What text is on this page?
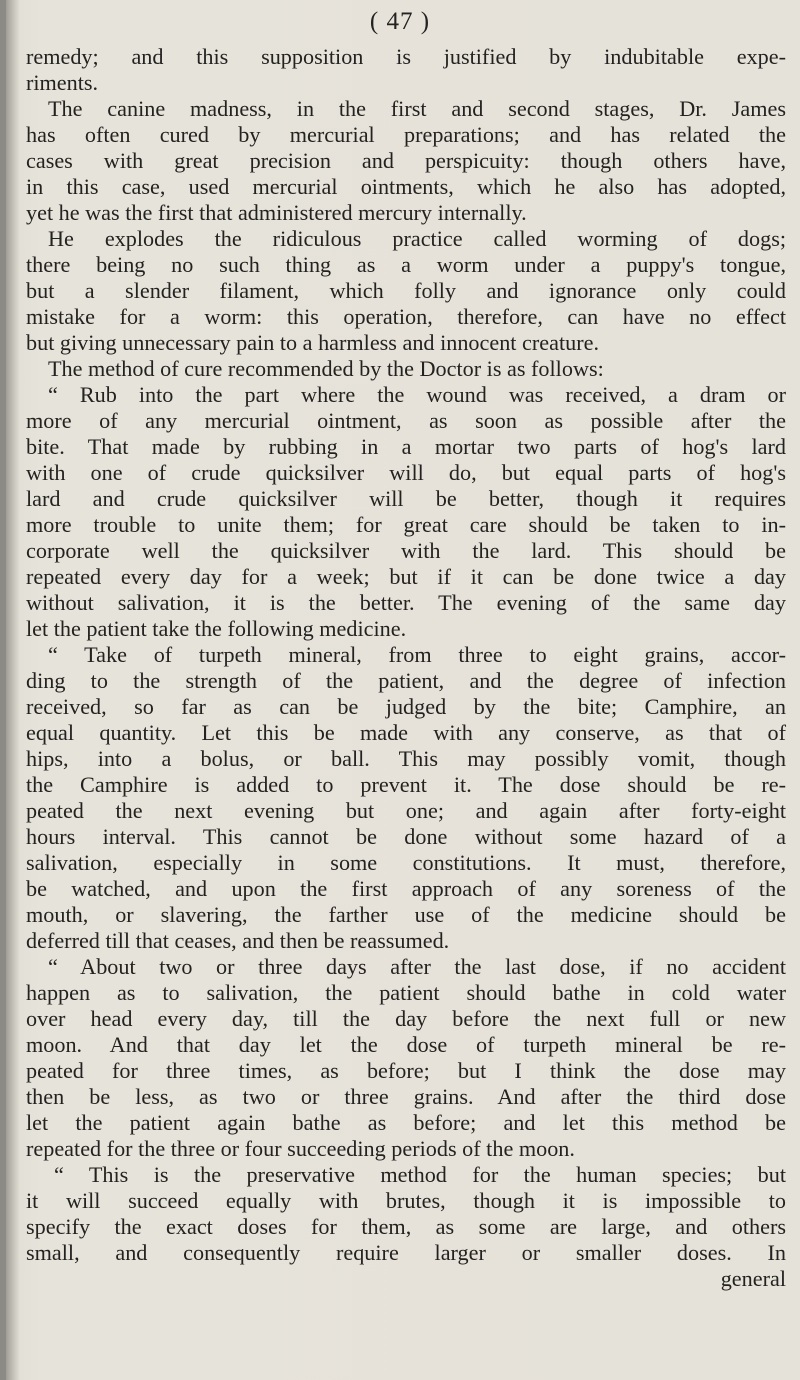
( 47 )
remedy; and this supposition is justified by indubitable expe-
riments.
The canine madness, in the first and second stages, Dr. James
has often cured by mercurial preparations; and has related the
cases with great precision and perspicuity: though others have,
in this case, used mercurial ointments, which he also has adopted,
yet he was the first that administered mercury internally.
He explodes the ridiculous practice called worming of dogs;
there being no such thing as a worm under a puppy's tongue,
but a slender filament, which folly and ignorance only could
mistake for a worm: this operation, therefore, can have no effect
but giving unnecessary pain to a harmless and innocent creature.
The method of cure recommended by the Doctor is as follows:
“ Rub into the part where the wound was received, a dram or
more of any mercurial ointment, as soon as possible after the
bite. That made by rubbing in a mortar two parts of hog's lard
with one of crude quicksilver will do, but equal parts of hog's
lard and crude quicksilver will be better, though it requires
more trouble to unite them; for great care should be taken to in-
corporate well the quicksilver with the lard. This should be
repeated every day for a week; but if it can be done twice a day
without salivation, it is the better. The evening of the same day
let the patient take the following medicine.
“ Take of turpeth mineral, from three to eight grains, accor-
ding to the strength of the patient, and the degree of infection
received, so far as can be judged by the bite; Camphire, an
equal quantity. Let this be made with any conserve, as that of
hips, into a bolus, or ball. This may possibly vomit, though
the Camphire is added to prevent it. The dose should be re-
peated the next evening but one; and again after forty-eight
hours interval. This cannot be done without some hazard of a
salivation, especially in some constitutions. It must, therefore,
be watched, and upon the first approach of any soreness of the
mouth, or slavering, the farther use of the medicine should be
deferred till that ceases, and then be reassumed.
“ About two or three days after the last dose, if no accident
happen as to salivation, the patient should bathe in cold water
over head every day, till the day before the next full or new
moon. And that day let the dose of turpeth mineral be re-
peated for three times, as before; but I think the dose may
then be less, as two or three grains. And after the third dose
let the patient again bathe as before; and let this method be
repeated for the three or four succeeding periods of the moon.
“ This is the preservative method for the human species; but
it will succeed equally with brutes, though it is impossible to
specify the exact doses for them, as some are large, and others
small, and consequently require larger or smaller doses. In
general
